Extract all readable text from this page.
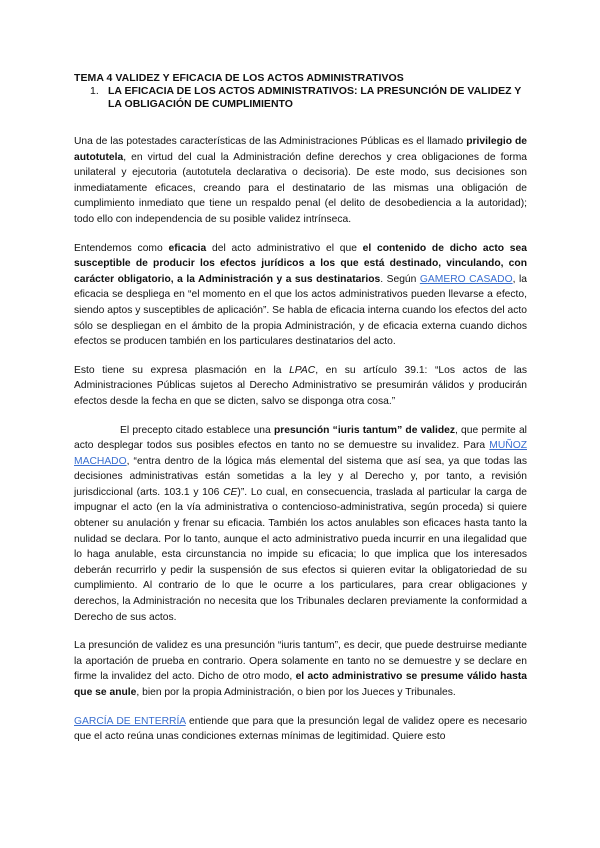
TEMA 4 VALIDEZ Y EFICACIA DE LOS ACTOS ADMINISTRATIVOS
1. LA EFICACIA DE LOS ACTOS ADMINISTRATIVOS: LA PRESUNCIÓN DE VALIDEZ Y LA OBLIGACIÓN DE CUMPLIMIENTO

Una de las potestades características de las Administraciones Públicas es el llamado privilegio de autotutela, en virtud del cual la Administración define derechos y crea obligaciones de forma unilateral y ejecutoria (autotutela declarativa o decisoria). De este modo, sus decisiones son inmediatamente eficaces, creando para el destinatario de las mismas una obligación de cumplimiento inmediato que tiene un respaldo penal (el delito de desobediencia a la autoridad); todo ello con independencia de su posible validez intrínseca.

Entendemos como eficacia del acto administrativo el que el contenido de dicho acto sea susceptible de producir los efectos jurídicos a los que está destinado, vinculando, con carácter obligatorio, a la Administración y a sus destinatarios. Según GAMERO CASADO, la eficacia se despliega en “el momento en el que los actos administrativos pueden llevarse a efecto, siendo aptos y susceptibles de aplicación”. Se habla de eficacia interna cuando los efectos del acto sólo se despliegan en el ámbito de la propia Administración, y de eficacia externa cuando dichos efectos se producen también en los particulares destinatarios del acto.

Esto tiene su expresa plasmación en la LPAC, en su artículo 39.1: “Los actos de las Administraciones Públicas sujetos al Derecho Administrativo se presumirán válidos y producirán efectos desde la fecha en que se dicten, salvo se disponga otra cosa.”

El precepto citado establece una presunción “iuris tantum” de validez, que permite al acto desplegar todos sus posibles efectos en tanto no se demuestre su invalidez. Para MUÑOZ MACHADO, “entra dentro de la lógica más elemental del sistema que así sea, ya que todas las decisiones administrativas están sometidas a la ley y al Derecho y, por tanto, a revisión jurisdiccional (arts. 103.1 y 106 CE)”. Lo cual, en consecuencia, traslada al particular la carga de impugnar el acto (en la vía administrativa o contencioso-administrativa, según proceda) si quiere obtener su anulación y frenar su eficacia. También los actos anulables son eficaces hasta tanto la nulidad se declara. Por lo tanto, aunque el acto administrativo pueda incurrir en una ilegalidad que lo haga anulable, esta circunstancia no impide su eficacia; lo que implica que los interesados deberán recurrirlo y pedir la suspensión de sus efectos si quieren evitar la obligatoriedad de su cumplimiento. Al contrario de lo que le ocurre a los particulares, para crear obligaciones y derechos, la Administración no necesita que los Tribunales declaren previamente la conformidad a Derecho de sus actos.

La presunción de validez es una presunción “iuris tantum”, es decir, que puede destruirse mediante la aportación de prueba en contrario. Opera solamente en tanto no se demuestre y se declare en firme la invalidez del acto. Dicho de otro modo, el acto administrativo se presume válido hasta que se anule, bien por la propia Administración, o bien por los Jueces y Tribunales.

GARCÍA DE ENTERRÍA entiende que para que la presunción legal de validez opere es necesario que el acto reúna unas condiciones externas mínimas de legitimidad. Quiere esto
